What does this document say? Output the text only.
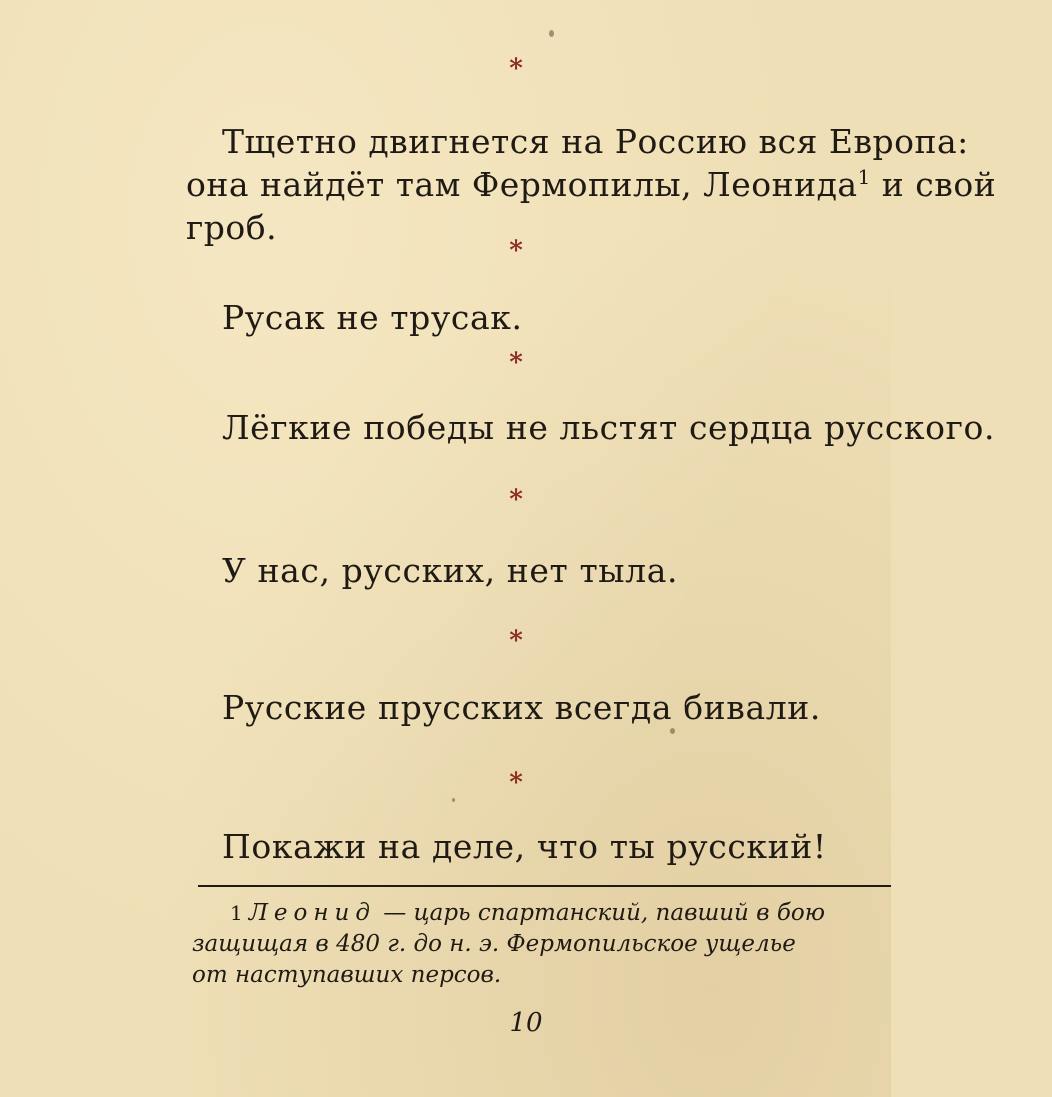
*
Тщетно двигнется на Россию вся Европа:
она найдёт там Фермопилы, Леонида$^1$ и свой
гроб.
*
Русак не трусак.
*
Лёгкие победы не льстят сердца русского.
*
У нас, русских, нет тыла.
*
Русские прусских всегда бивали.
*
Покажи на деле, что ты русский!
1 Леонид — царь спартанский, павший в бою
защищая в 480 г. до н. э. Фермопильское ущелье
от наступавших персов.
10
